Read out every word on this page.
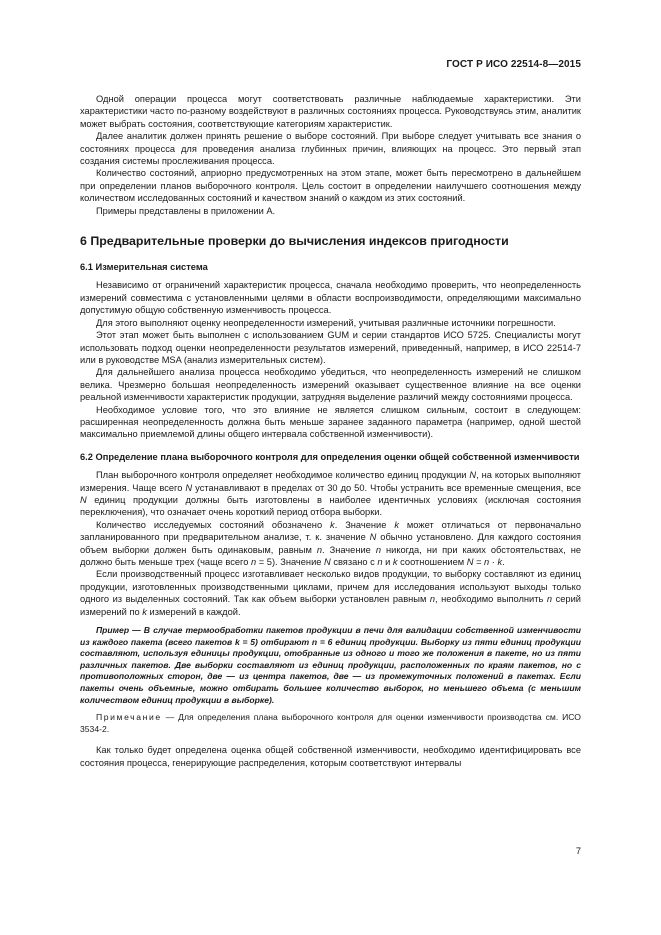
ГОСТ Р ИСО 22514-8—2015

Одной операции процесса могут соответствовать различные наблюдаемые характеристики. Эти характеристики часто по-разному воздействуют в различных состояниях процесса. Руководствуясь этим, аналитик может выбрать состояния, соответствующие категориям характеристик.

Далее аналитик должен принять решение о выборе состояний. При выборе следует учитывать все знания о состояниях процесса для проведения анализа глубинных причин, влияющих на процесс. Это первый этап создания системы прослеживания процесса.

Количество состояний, априорно предусмотренных на этом этапе, может быть пересмотрено в дальнейшем при определении планов выборочного контроля. Цель состоит в определении наилучшего соотношения между количеством исследованных состояний и качеством знаний о каждом из этих состояний.

Примеры представлены в приложении А.

6 Предварительные проверки до вычисления индексов пригодности
6.1 Измерительная система

Независимо от ограничений характеристик процесса, сначала необходимо проверить, что неопределенность измерений совместима с установленными целями в области воспроизводимости, определяющими максимально допустимую общую собственную изменчивость процесса.

Для этого выполняют оценку неопределенности измерений, учитывая различные источники погрешности.

Этот этап может быть выполнен с использованием GUM и серии стандартов ИСО 5725. Специалисты могут использовать подход оценки неопределенности результатов измерений, приведенный, например, в ИСО 22514-7 или в руководстве MSA (анализ измерительных систем).

Для дальнейшего анализа процесса необходимо убедиться, что неопределенность измерений не слишком велика. Чрезмерно большая неопределенность измерений оказывает существенное влияние на все оценки реальной изменчивости характеристик продукции, затрудняя выделение различий между состояниями процесса.

Необходимое условие того, что это влияние не является слишком сильным, состоит в следующем: расширенная неопределенность должна быть меньше заранее заданного параметра (например, одной шестой максимально приемлемой длины общего интервала собственной изменчивости).

6.2 Определение плана выборочного контроля для определения оценки общей собственной изменчивости

План выборочного контроля определяет необходимое количество единиц продукции N, на которых выполняют измерения. Чаще всего N устанавливают в пределах от 30 до 50. Чтобы устранить все временные смещения, все N единиц продукции должны быть изготовлены в наиболее идентичных условиях (исключая состояния переключения), что означает очень короткий период отбора выборки.

Количество исследуемых состояний обозначено k. Значение k может отличаться от первоначально запланированного при предварительном анализе, т. к. значение N обычно установлено. Для каждого состояния объем выборки должен быть одинаковым, равным n. Значение n никогда, ни при каких обстоятельствах, не должно быть меньше трех (чаще всего n = 5). Значение N связано с n и k соотношением N = n · k.

Если производственный процесс изготавливает несколько видов продукции, то выборку составляют из единиц продукции, изготовленных производственными циклами, причем для исследования используют выходы только одного из выделенных состояний. Так как объем выборки установлен равным n, необходимо выполнить n серий измерений по k измерений в каждой.

Пример — В случае термообработки пакетов продукции в печи для валидации собственной изменчивости из каждого пакета (всего пакетов k = 5) отбирают n = 6 единиц продукции. Выборку из пяти единиц продукции составляют, используя единицы продукции, отобранные из одного и того же положения в пакете, но из пяти различных пакетов. Две выборки составляют из единиц продукции, расположенных по краям пакетов, но с противоположных сторон, две — из центра пакетов, две — из промежуточных положений в пакетах. Если пакеты очень объемные, можно отбирать большее количество выборок, но меньшего объема (с меньшим количеством единиц продукции в выборке).

Примечание — Для определения плана выборочного контроля для оценки изменчивости производства см. ИСО 3534-2.

Как только будет определена оценка общей собственной изменчивости, необходимо идентифицировать все состояния процесса, генерирующие распределения, которым соответствуют интервалы

7
